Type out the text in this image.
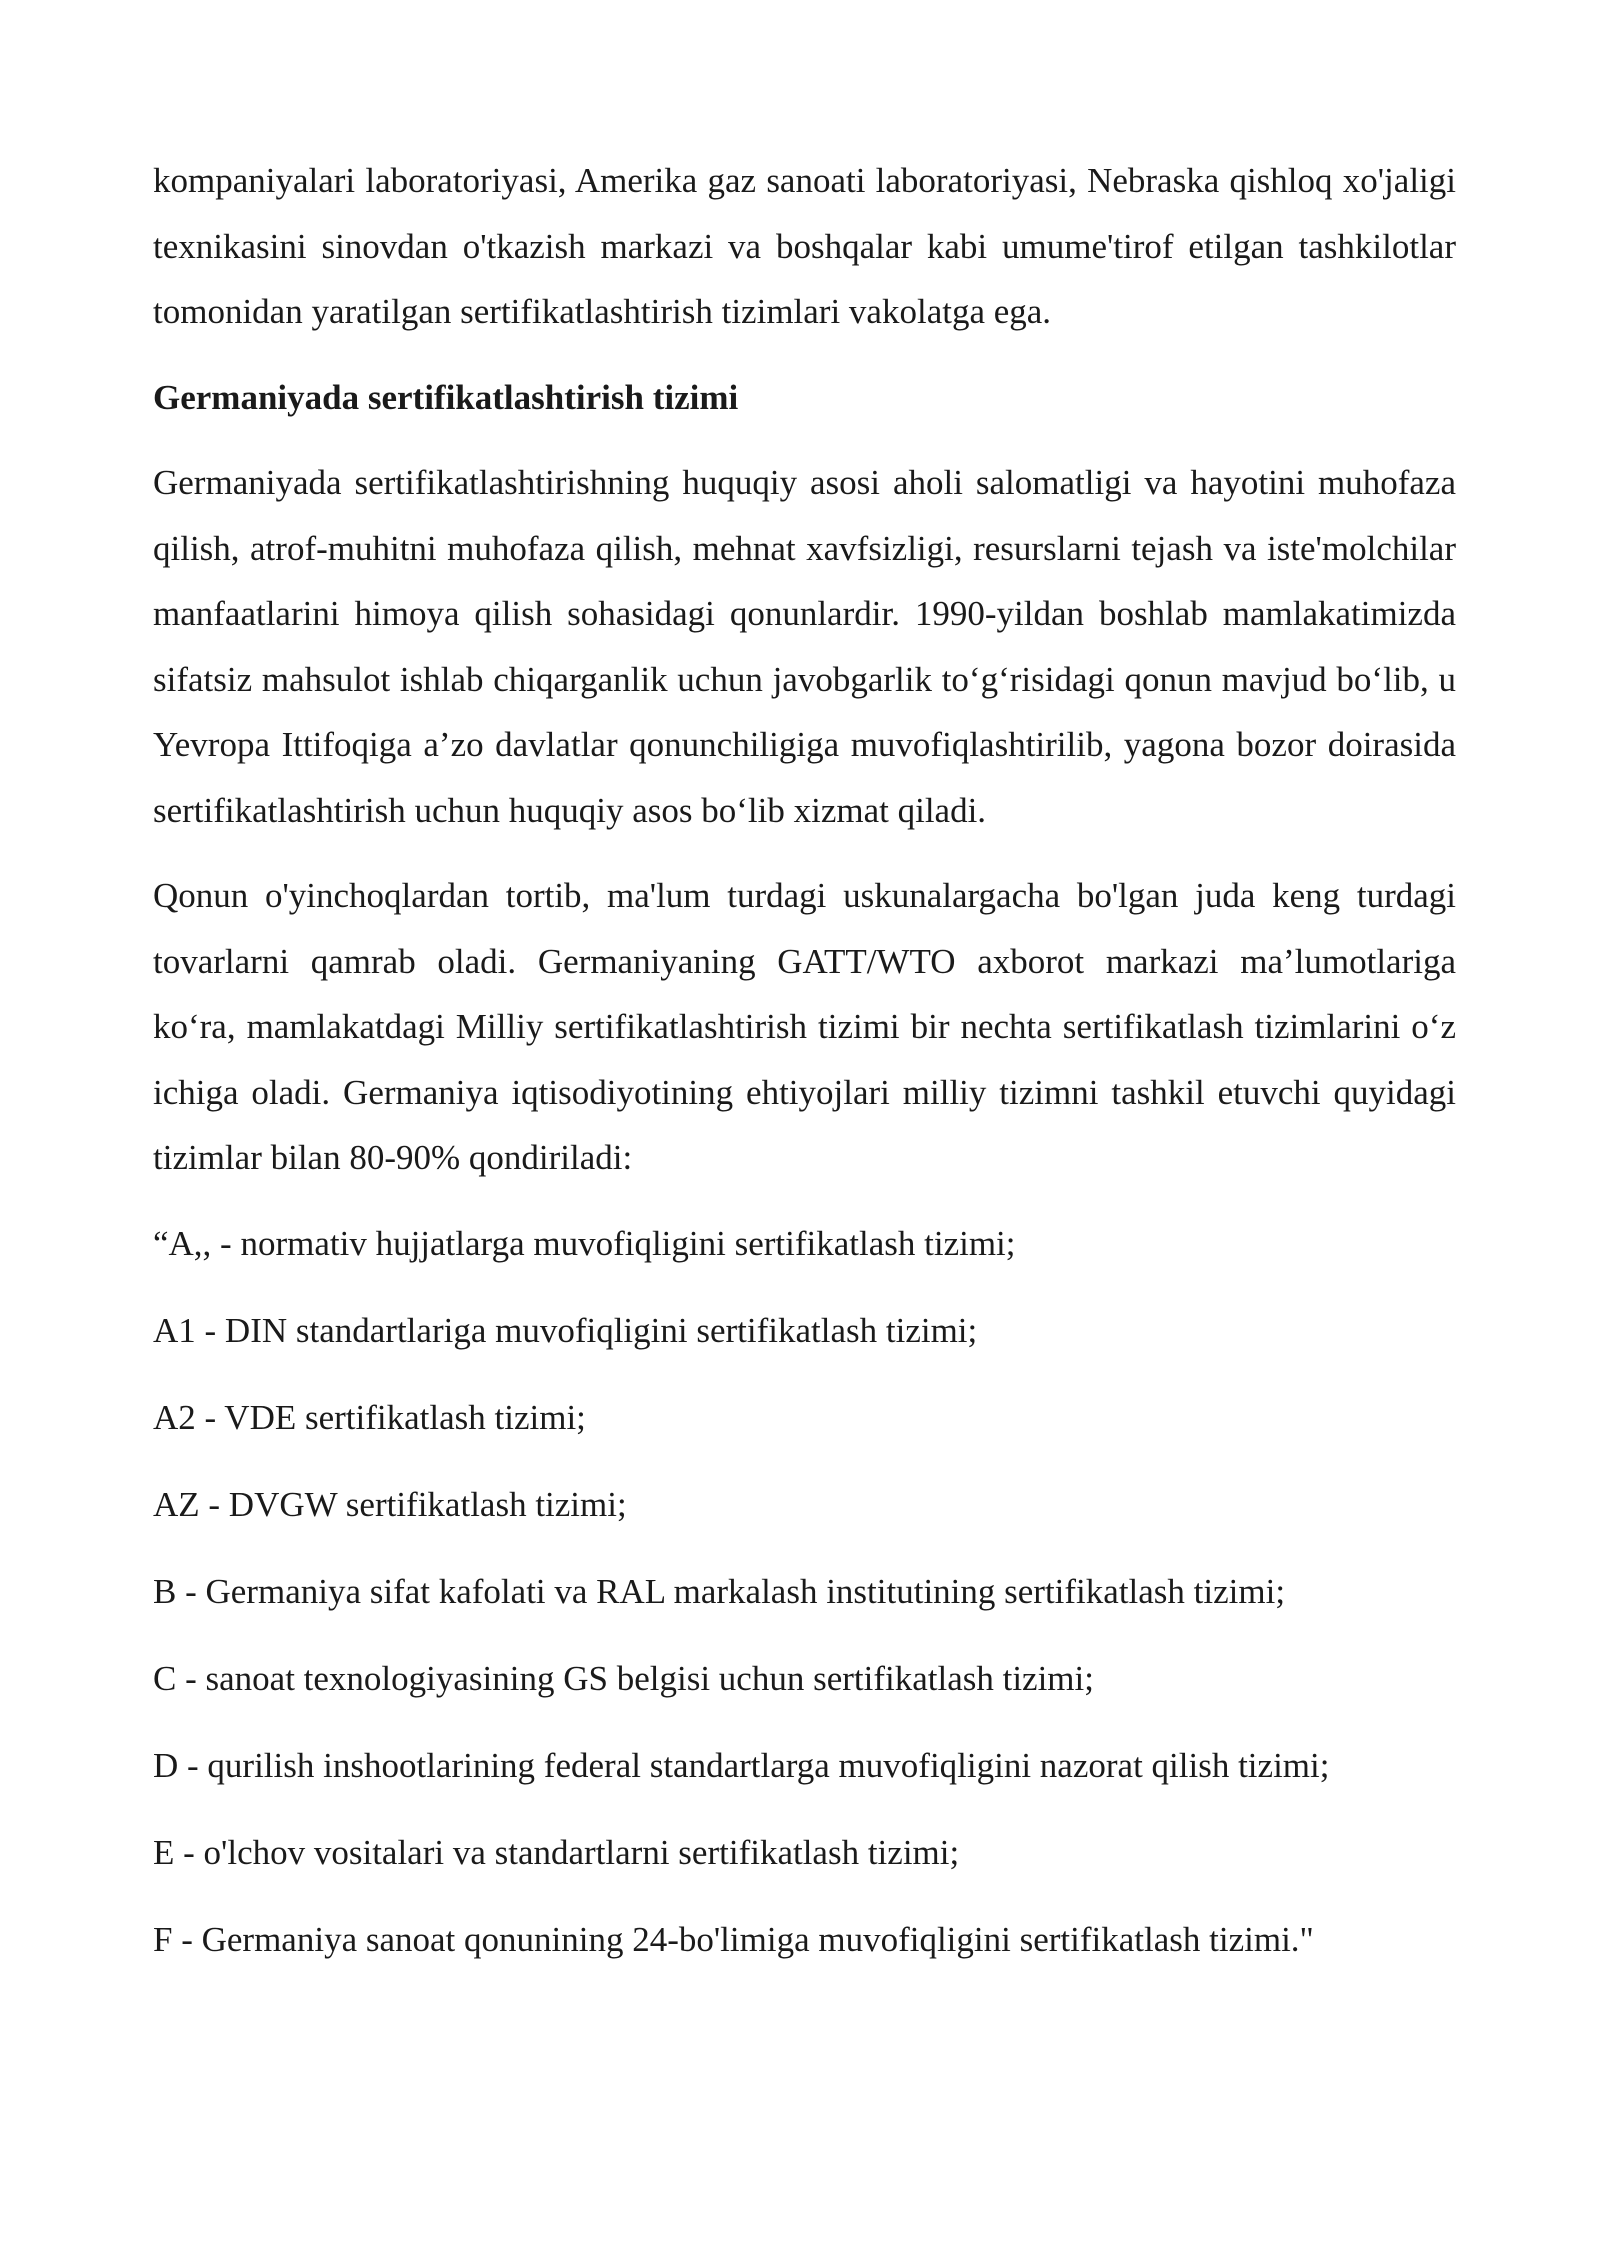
kompaniyalari laboratoriyasi, Amerika gaz sanoati laboratoriyasi, Nebraska qishloq xo'jaligi texnikasini sinovdan o'tkazish markazi va boshqalar kabi umume'tirof etilgan tashkilotlar tomonidan yaratilgan sertifikatlashtirish tizimlari vakolatga ega.

Germaniyada sertifikatlashtirish tizimi

Germaniyada sertifikatlashtirishning huquqiy asosi aholi salomatligi va hayotini muhofaza qilish, atrof-muhitni muhofaza qilish, mehnat xavfsizligi, resurslarni tejash va iste'molchilar manfaatlarini himoya qilish sohasidagi qonunlardir. 1990-yildan boshlab mamlakatimizda sifatsiz mahsulot ishlab chiqarganlik uchun javobgarlik to‘g‘risidagi qonun mavjud bo‘lib, u Yevropa Ittifoqiga a’zo davlatlar qonunchiligiga muvofiqlashtirilib, yagona bozor doirasida sertifikatlashtirish uchun huquqiy asos bo‘lib xizmat qiladi.

Qonun o'yinchoqlardan tortib, ma'lum turdagi uskunalargacha bo'lgan juda keng turdagi tovarlarni qamrab oladi. Germaniyaning GATT/WTO axborot markazi ma’lumotlariga ko‘ra, mamlakatdagi Milliy sertifikatlashtirish tizimi bir nechta sertifikatlash tizimlarini o‘z ichiga oladi. Germaniya iqtisodiyotining ehtiyojlari milliy tizimni tashkil etuvchi quyidagi tizimlar bilan 80-90% qondiriladi:

“A,, - normativ hujjatlarga muvofiqligini sertifikatlash tizimi;

A1 - DIN standartlariga muvofiqligini sertifikatlash tizimi;

A2 - VDE sertifikatlash tizimi;

AZ - DVGW sertifikatlash tizimi;

B - Germaniya sifat kafolati va RAL markalash institutining sertifikatlash tizimi;

C - sanoat texnologiyasining GS belgisi uchun sertifikatlash tizimi;

D - qurilish inshootlarining federal standartlarga muvofiqligini nazorat qilish tizimi;

E - o'lchov vositalari va standartlarni sertifikatlash tizimi;

F - Germaniya sanoat qonunining 24-bo'limiga muvofiqligini sertifikatlash tizimi."
